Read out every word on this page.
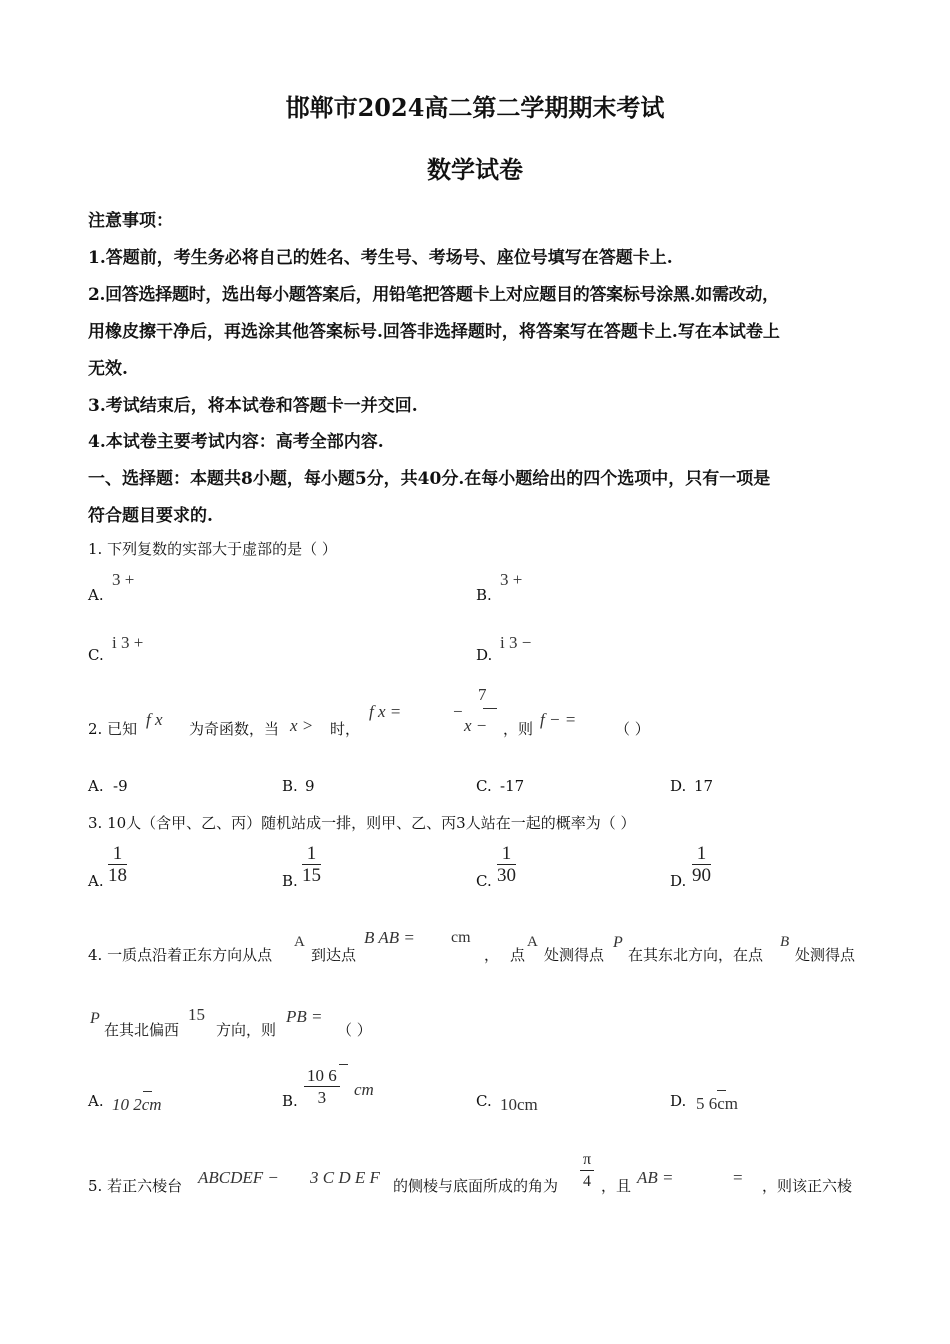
邯郸市2024高二第二学期期末考试
数学试卷
注意事项：
1.答题前，考生务必将自己的姓名、考生号、考场号、座位号填写在答题卡上.
2.回答选择题时，选出每小题答案后，用铅笔把答题卡上对应题目的答案标号涂黑.如需改动，
用橡皮擦干净后，再选涂其他答案标号.回答非选择题时，将答案写在答题卡上.写在本试卷上
无效.
3.考试结束后，将本试卷和答题卡一并交回.
4.本试卷主要考试内容：高考全部内容.
一、选择题：本题共8小题，每小题5分，共40分.在每小题给出的四个选项中，只有一项是
符合题目要求的.
1. 下列复数的实部大于虚部的是（ ）
A.
3 +
B.
3 +
C.
i 3 +
D.
i 3 −
2. 已知 f x 为奇函数，当 x > 时，
f x =	−
7
x − ，则 f − =	（ ）
A. -9	B. 9	C. -17	D. 17
3. 10人（含甲、乙、丙）随机站成一排，则甲、乙、丙3人站在一起的概率为（ ）
A.
1
18	B.
1
15	C.
1
30	D.
1
90
4. 一质点沿着正东方向从点
A
到达点
B AB = cm
， 点
A
处测得点
P
在其东北方向，在点
B
处测得点
P
在其北偏西
15
方向，则
PB =
（ ）
A. 10 2cm	B.
10 6
3	cm
C. 10cm	D. 5 6cm
5. 若正六棱台 ABCDEF − 3 C D E F 的侧棱与底面所成的角为
π
4 ，且 AB =	= ，则该正六棱
